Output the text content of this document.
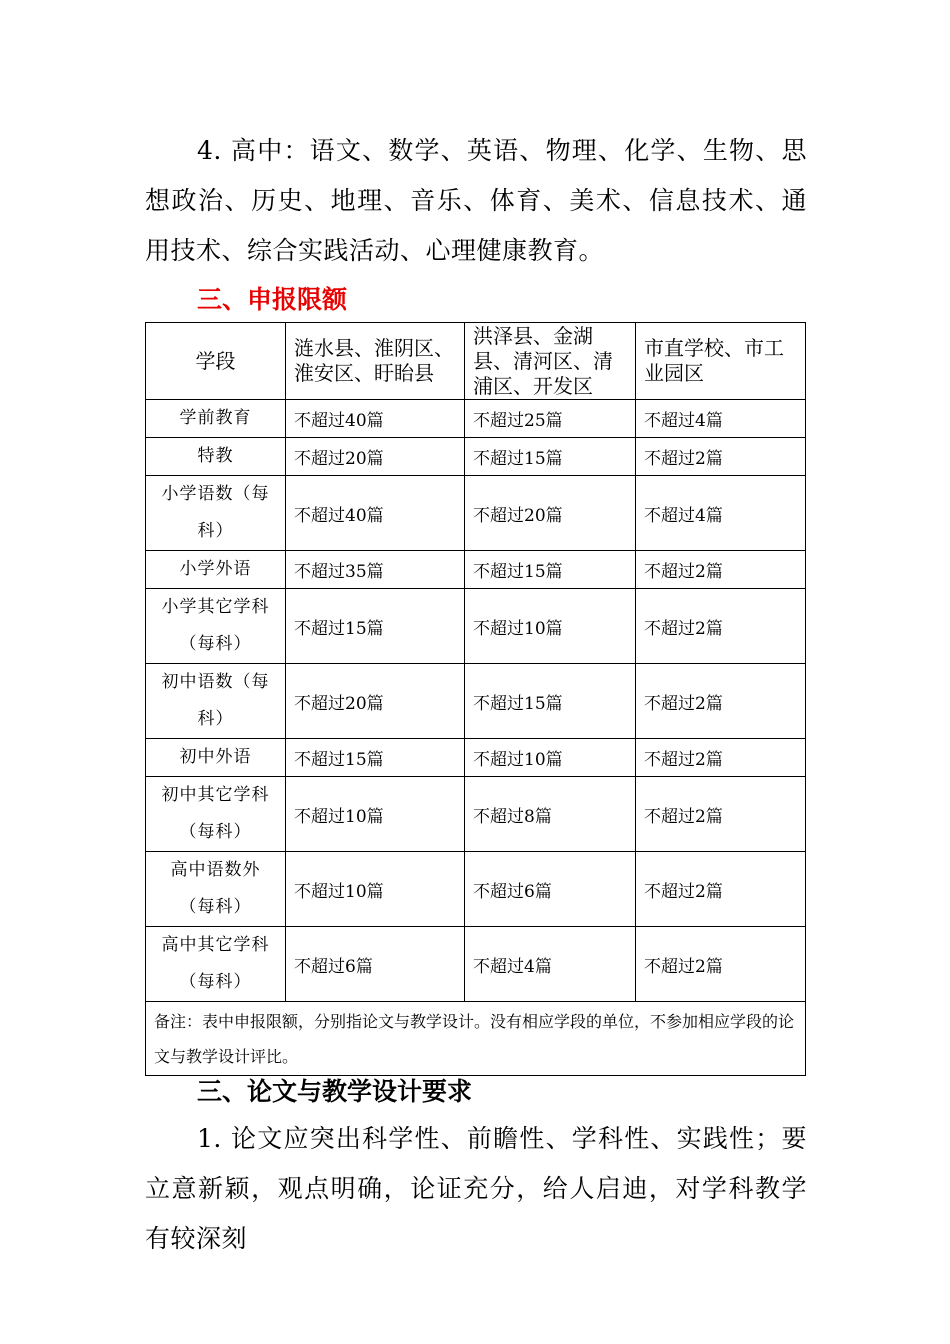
4. 高中：语文、数学、英语、物理、化学、生物、思想政治、历史、地理、音乐、体育、美术、信息技术、通用技术、综合实践活动、心理健康教育。
三、申报限额
学段	涟水县、淮阴区、淮安区、盱眙县	洪泽县、金湖县、清河区、清浦区、开发区	市直学校、市工业园区
学前教育	不超过40篇	不超过25篇	不超过4篇
特教	不超过20篇	不超过15篇	不超过2篇
小学语数（每科）	不超过40篇	不超过20篇	不超过4篇
小学外语	不超过35篇	不超过15篇	不超过2篇
小学其它学科（每科）	不超过15篇	不超过10篇	不超过2篇
初中语数（每科）	不超过20篇	不超过15篇	不超过2篇
初中外语	不超过15篇	不超过10篇	不超过2篇
初中其它学科（每科）	不超过10篇	不超过8篇	不超过2篇
高中语数外（每科）	不超过10篇	不超过6篇	不超过2篇
高中其它学科（每科）	不超过6篇	不超过4篇	不超过2篇
备注：表中申报限额，分别指论文与教学设计。没有相应学段的单位，不参加相应学段的论文与教学设计评比。			
三、论文与教学设计要求
1. 论文应突出科学性、前瞻性、学科性、实践性；要立意新颖，观点明确，论证充分，给人启迪，对学科教学有较深刻
